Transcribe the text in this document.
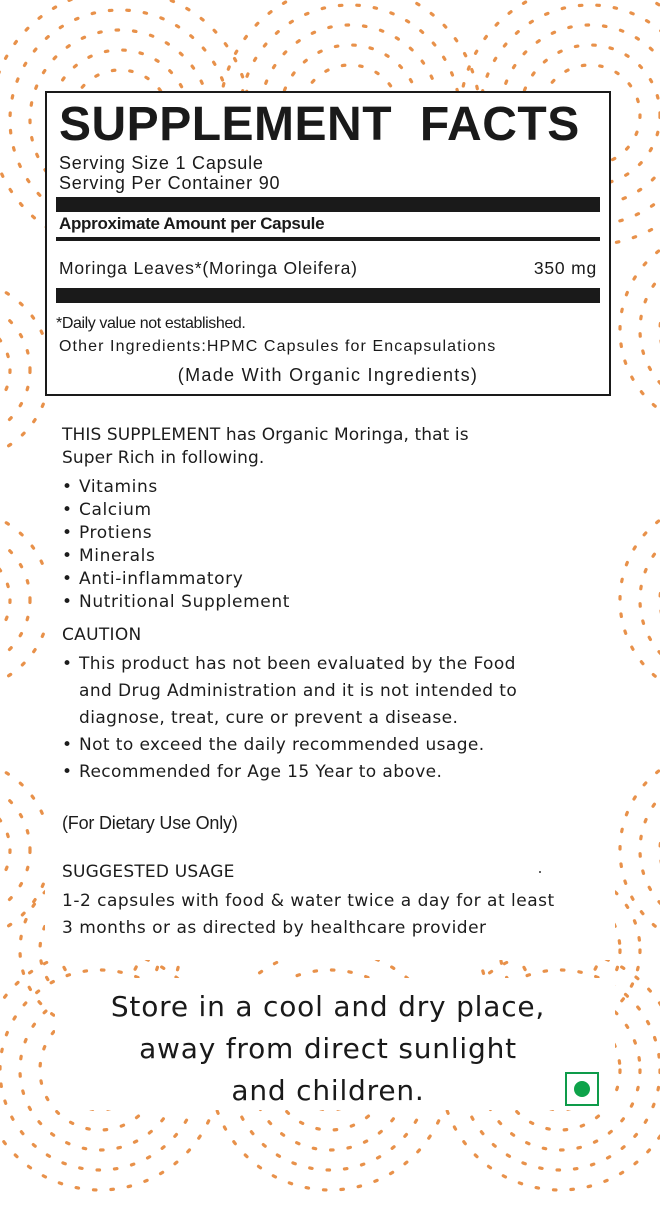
SUPPLEMENT FACTS
Serving Size 1 Capsule
Serving Per Container 90
Approximate Amount per Capsule
Moringa Leaves*(Moringa Oleifera)	350 mg
*Daily value not established.
Other Ingredients:HPMC Capsules for Encapsulations
(Made With Organic Ingredients)
THIS SUPPLEMENT has Organic Moringa, that is
Super Rich in following.
• Vitamins
• Calcium
• Protiens
• Minerals
• Anti-inflammatory
• Nutritional Supplement
CAUTION
• This product has not been evaluated by the Food
and Drug Administration and it is not intended to
diagnose, treat, cure or prevent a disease.
• Not to exceed the daily recommended usage.
• Recommended for Age 15 Year to above.
(For Dietary Use Only)
SUGGESTED USAGE
1-2 capsules with food & water twice a day for at least
3 months or as directed by healthcare provider
Store in a cool and dry place,
away from direct sunlight
and children.
